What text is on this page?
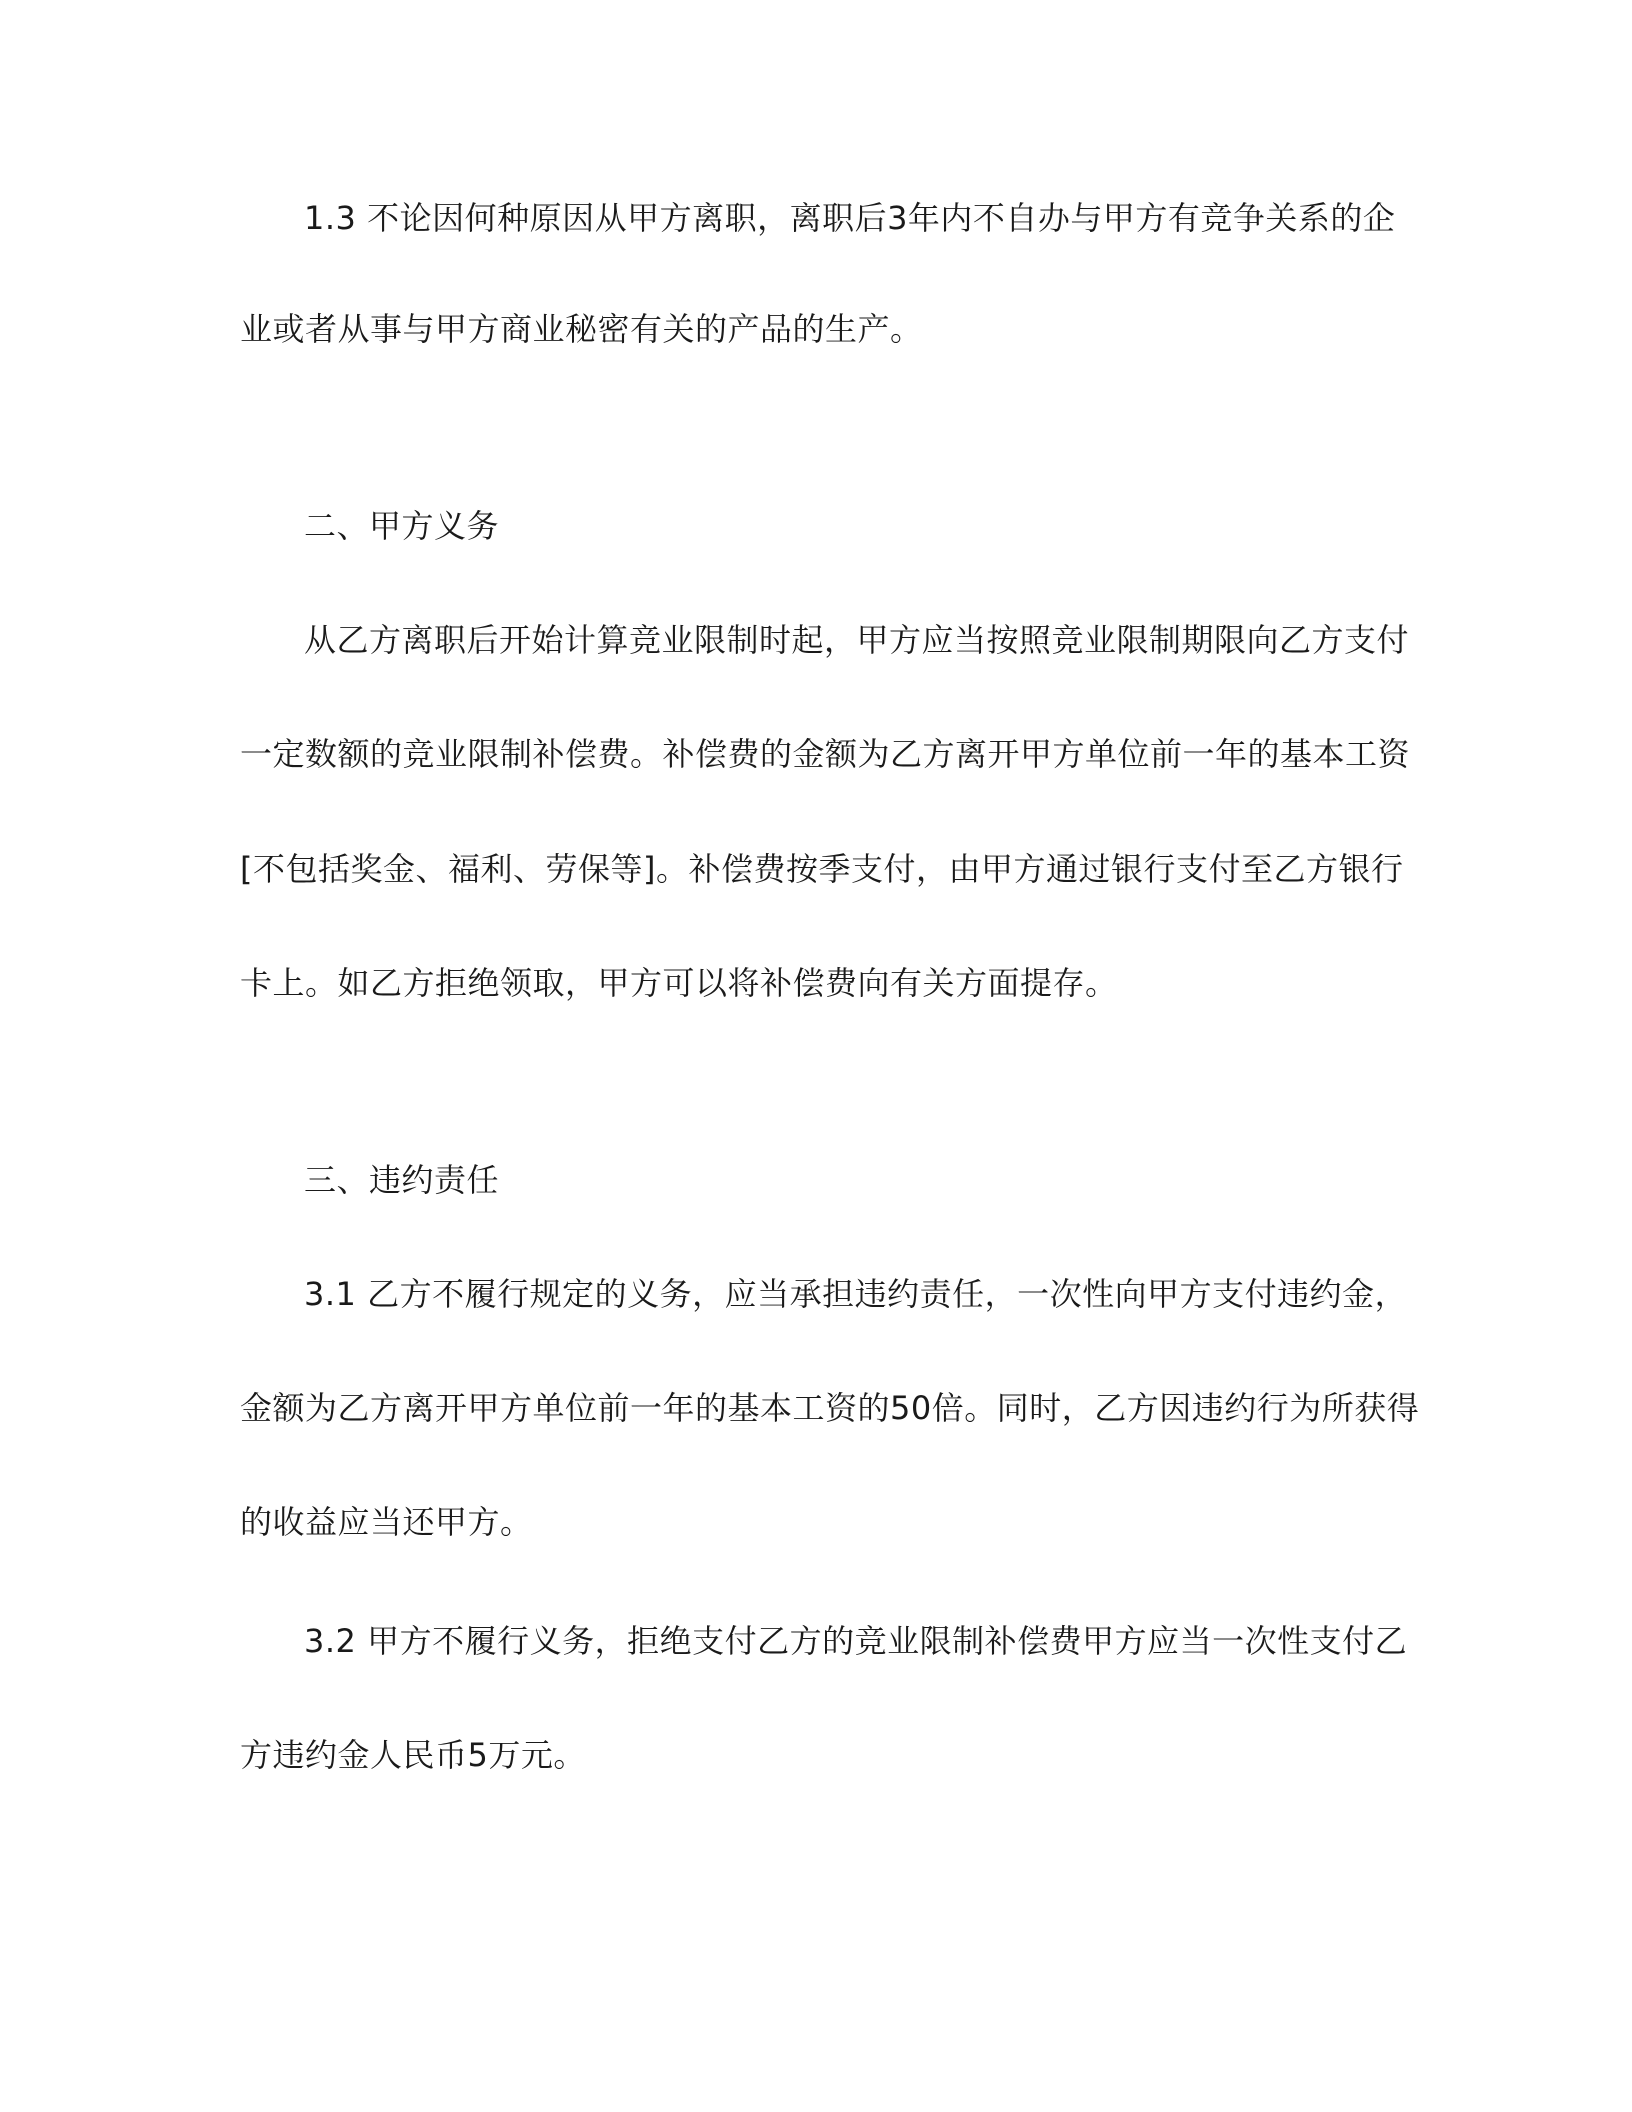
1.3 不论因何种原因从甲方离职，离职后3年内不自办与甲方有竞争关系的企
业或者从事与甲方商业秘密有关的产品的生产。
二、甲方义务
从乙方离职后开始计算竞业限制时起，甲方应当按照竞业限制期限向乙方支付
一定数额的竞业限制补偿费。补偿费的金额为乙方离开甲方单位前一年的基本工资
[不包括奖金、福利、劳保等]。补偿费按季支付，由甲方通过银行支付至乙方银行
卡上。如乙方拒绝领取，甲方可以将补偿费向有关方面提存。
三、违约责任
3.1 乙方不履行规定的义务，应当承担违约责任，一次性向甲方支付违约金，
金额为乙方离开甲方单位前一年的基本工资的50倍。同时，乙方因违约行为所获得
的收益应当还甲方。
3.2 甲方不履行义务，拒绝支付乙方的竞业限制补偿费甲方应当一次性支付乙
方违约金人民币5万元。
